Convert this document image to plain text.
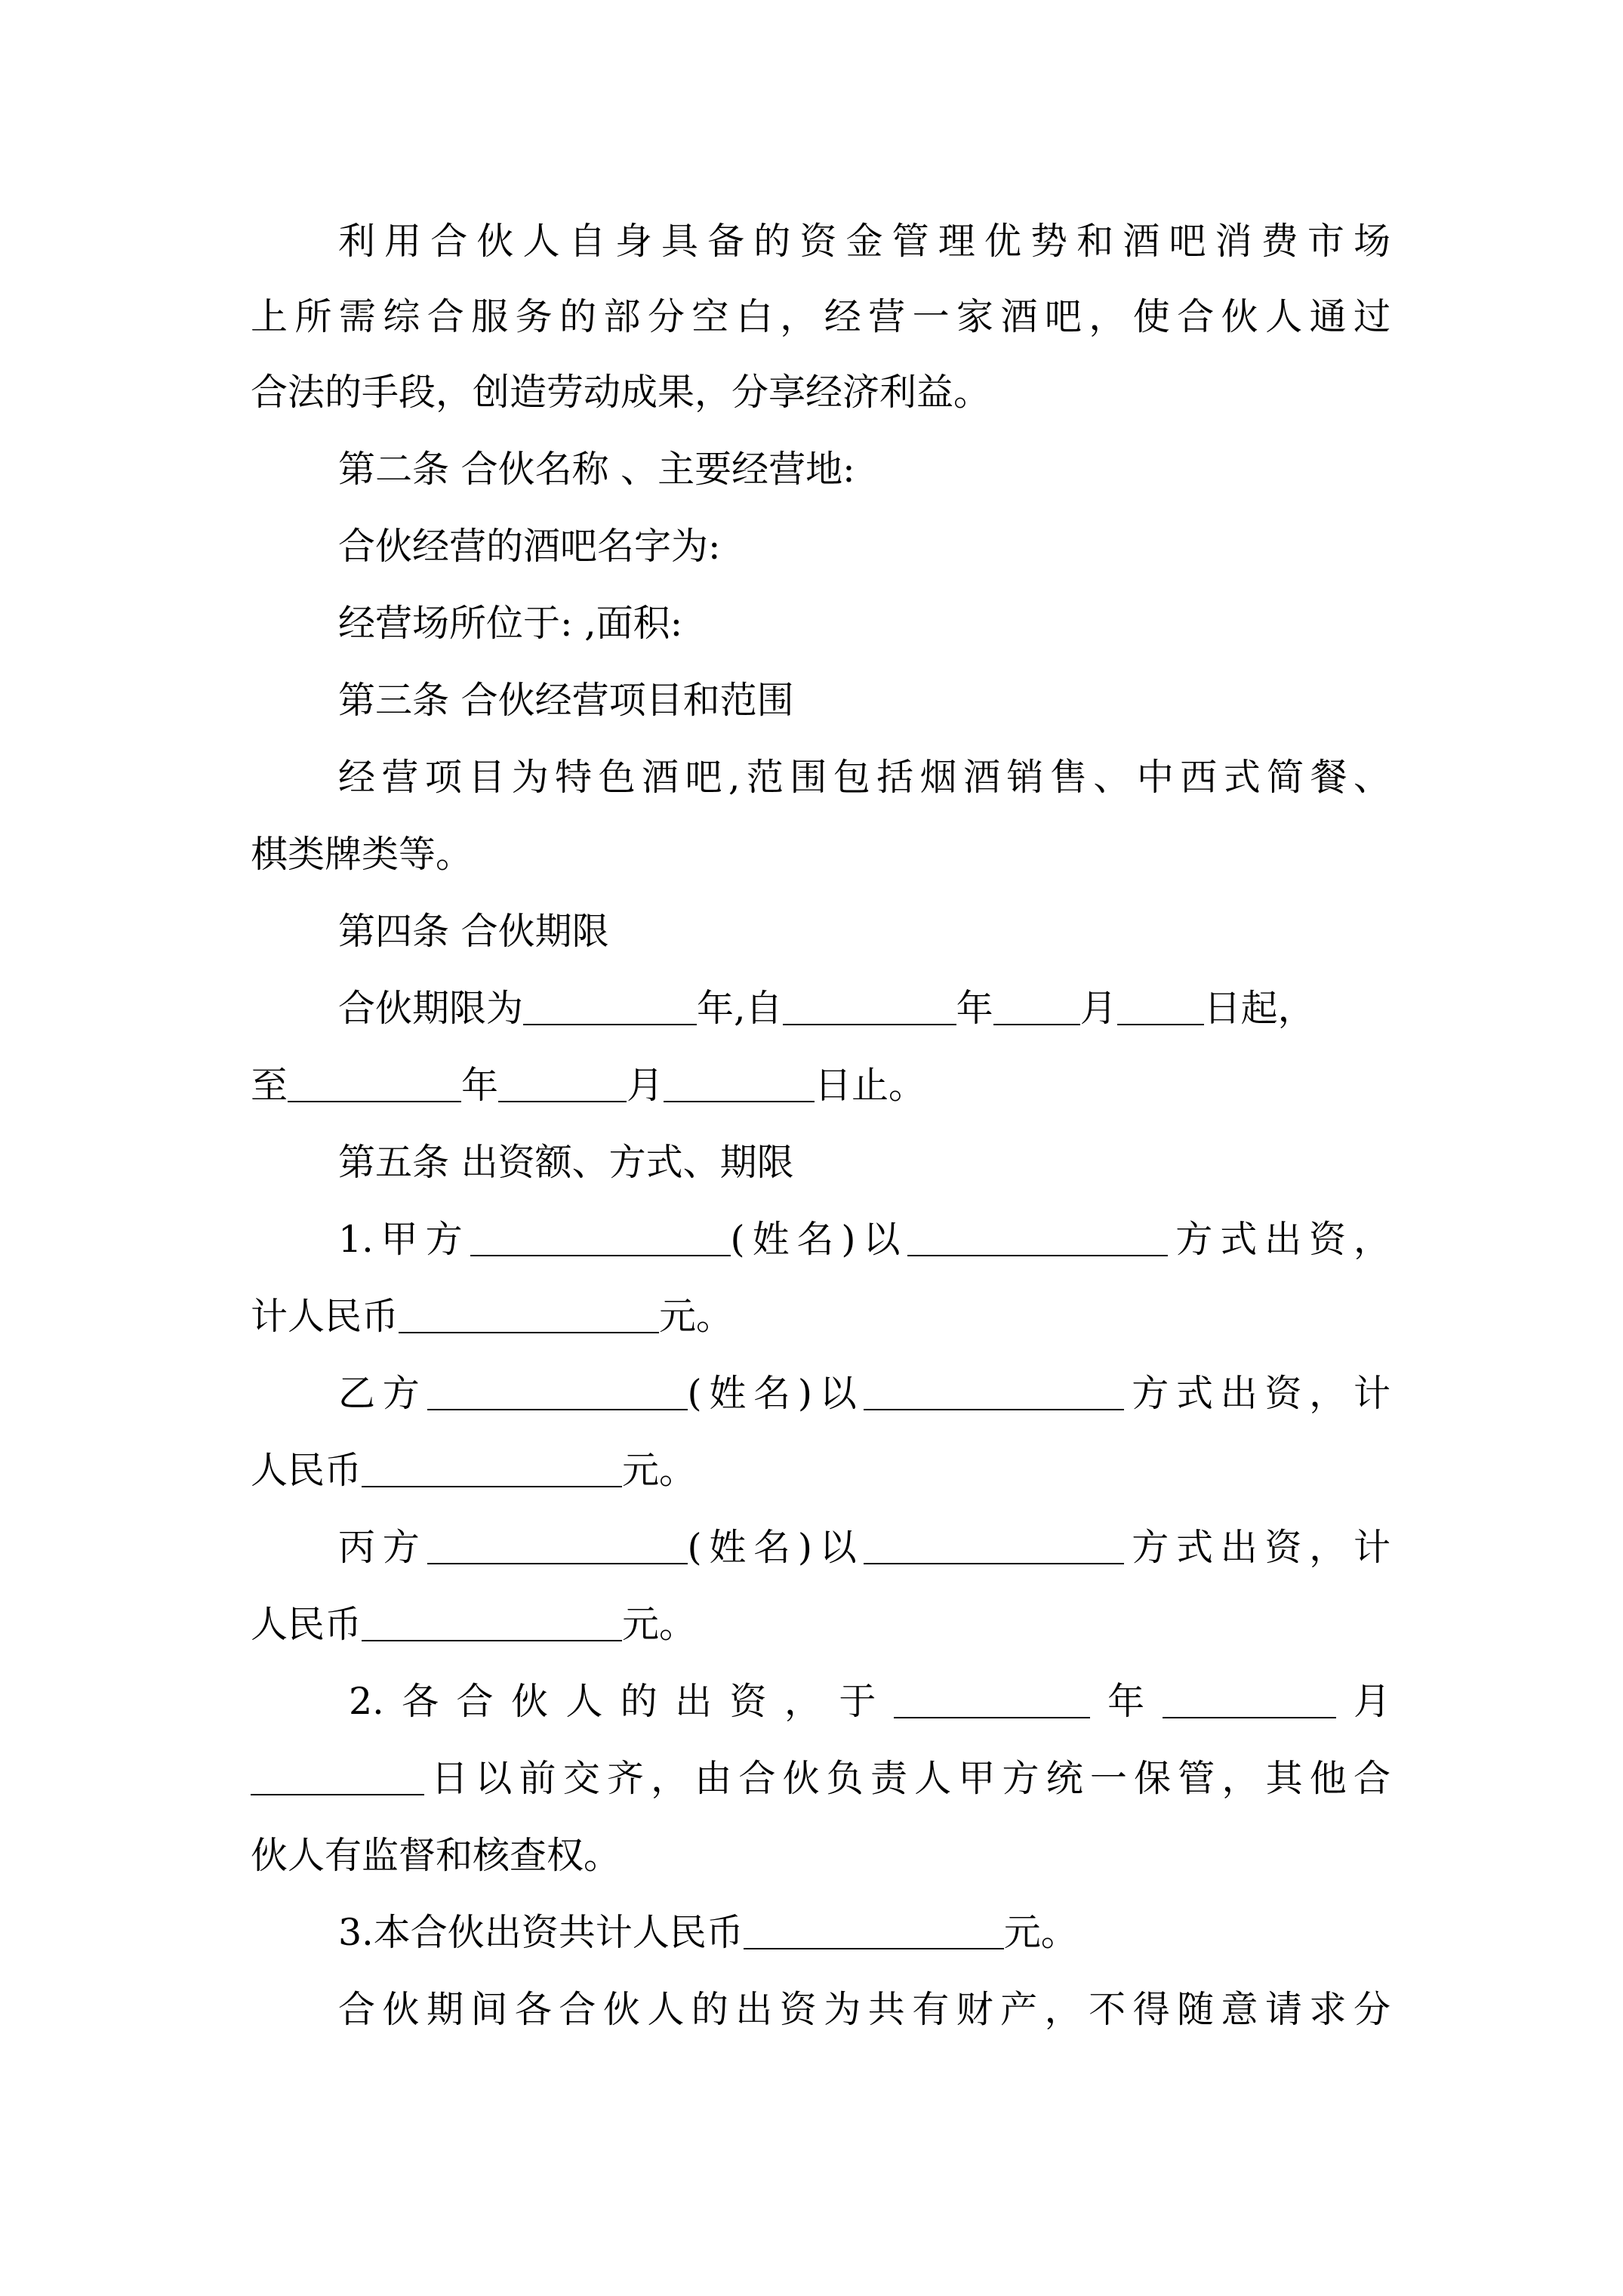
利用合伙人自身具备的资金管理优势和酒吧消费市场
上所需综合服务的部分空白，经营一家酒吧，使合伙人通过
合法的手段，创造劳动成果，分享经济利益。
第二条 合伙名称 、主要经营地:
合伙经营的酒吧名字为:
经营场所位于: ,面积:
第三条 合伙经营项目和范围
经营项目为特色酒吧,范围包括烟酒销售、中西式简餐、
棋类牌类等。
第四条 合伙期限
合伙期限为	年,自	年 月 日起，
至	年	月	日止。
第五条 出资额、方式、期限
1.甲方	(姓名)以	方式出资，
计人民币	元。
乙方	(姓名)以	方式出资，计
人民币	元。
丙方	(姓名)以	方式出资，计
人民币	元。
2.各合伙人的出资，于	年	月
日以前交齐，由合伙负责人甲方统一保管，其他合
伙人有监督和核查权。
3.本合伙出资共计人民币	元。
合伙期间各合伙人的出资为共有财产，不得随意请求分
